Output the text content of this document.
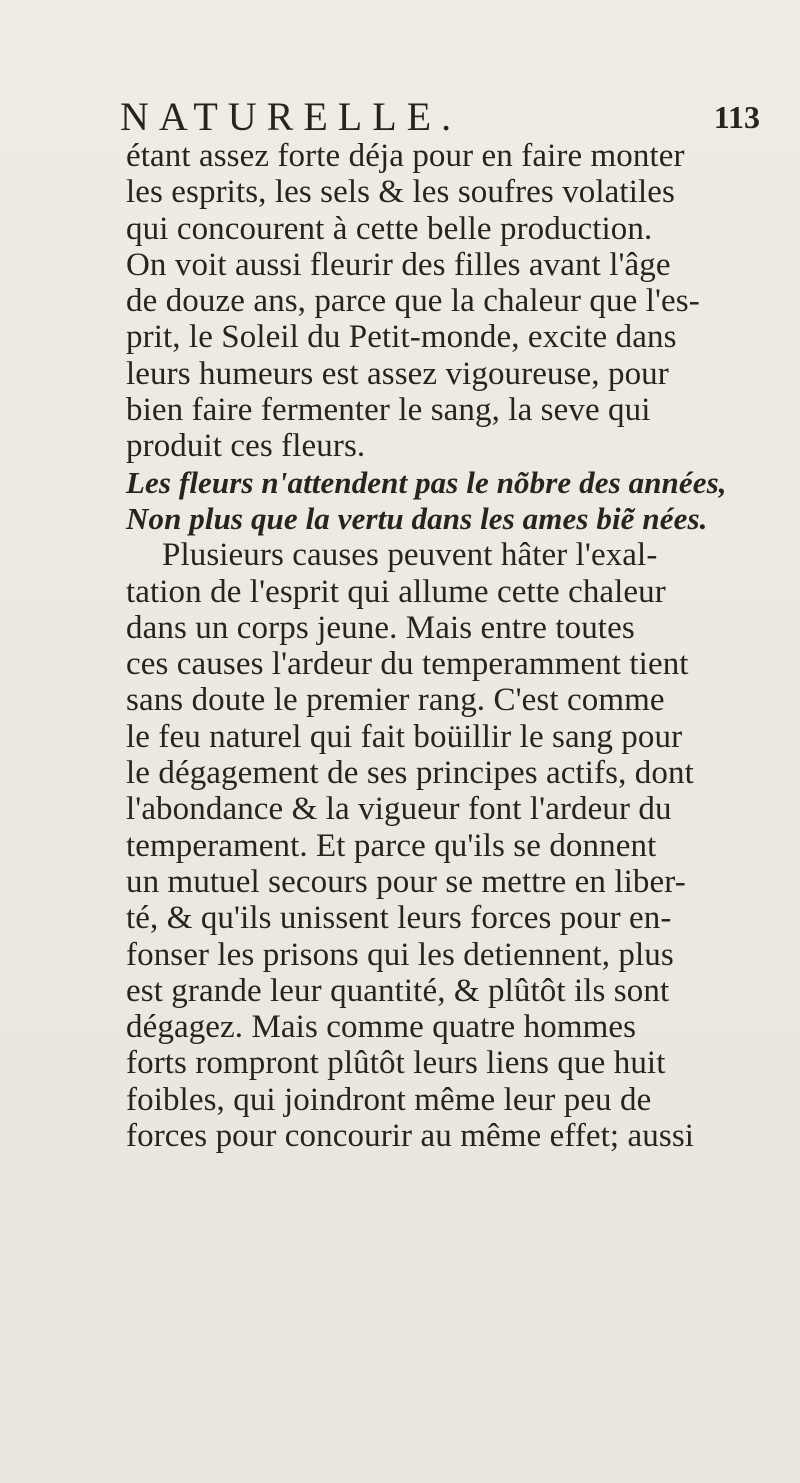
NATURELLE.	113
étant assez forte déja pour en faire monter
les esprits, les sels & les soufres volatiles
qui concourent à cette belle production.
On voit aussi fleurir des filles avant l'âge
de douze ans, parce que la chaleur que l'es-
prit, le Soleil du Petit-monde, excite dans
leurs humeurs est assez vigoureuse, pour
bien faire fermenter le sang, la seve qui
produit ces fleurs.
Les fleurs n'attendent pas le nõbre des années,
Non plus que la vertu dans les ames biẽ nées.
Plusieurs causes peuvent hâter l'exal-
tation de l'esprit qui allume cette chaleur
dans un corps jeune. Mais entre toutes
ces causes l'ardeur du temperamment tient
sans doute le premier rang. C'est comme
le feu naturel qui fait boüillir le sang pour
le dégagement de ses principes actifs, dont
l'abondance & la vigueur font l'ardeur du
temperament. Et parce qu'ils se donnent
un mutuel secours pour se mettre en liber-
té, & qu'ils unissent leurs forces pour en-
fonser les prisons qui les detiennent, plus
est grande leur quantité, & plûtôt ils sont
dégagez. Mais comme quatre hommes
forts rompront plûtôt leurs liens que huit
foibles, qui joindront même leur peu de
forces pour concourir au même effet; aussi
